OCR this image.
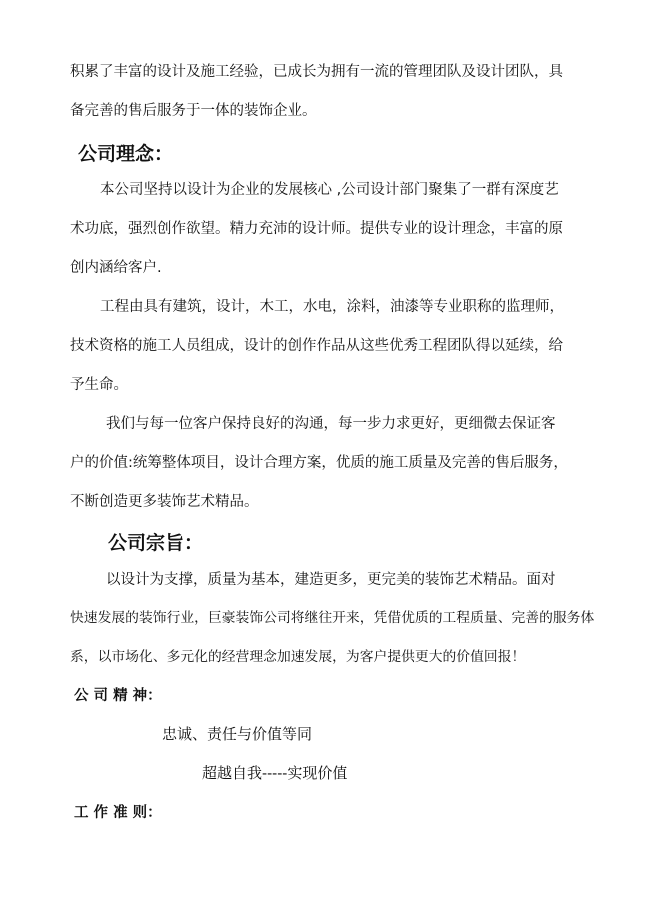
积累了丰富的设计及施工经验，已成长为拥有一流的管理团队及设计团队，具

备完善的售后服务于一体的装饰企业。

公司理念：

本公司坚持以设计为企业的发展核心 ,公司设计部门聚集了一群有深度艺

术功底，强烈创作欲望。精力充沛的设计师。提供专业的设计理念，丰富的原

创内涵给客户.

工程由具有建筑，设计，木工，水电，涂料，油漆等专业职称的监理师，

技术资格的施工人员组成，设计的创作作品从这些优秀工程团队得以延续，给

予生命。

我们与每一位客户保持良好的沟通，每一步力求更好，更细微去保证客

户的价值:统筹整体项目，设计合理方案，优质的施工质量及完善的售后服务，

不断创造更多装饰艺术精品。

公司宗旨：

以设计为支撑，质量为基本，建造更多，更完美的装饰艺术精品。面对

快速发展的装饰行业，巨豪装饰公司将继往开来，凭借优质的工程质量、完善的服务体

系，以市场化、多元化的经营理念加速发展，为客户提供更大的价值回报！

公 司 精 神：

忠诚、责任与价值等同

超越自我-----实现价值

工 作 准 则：
